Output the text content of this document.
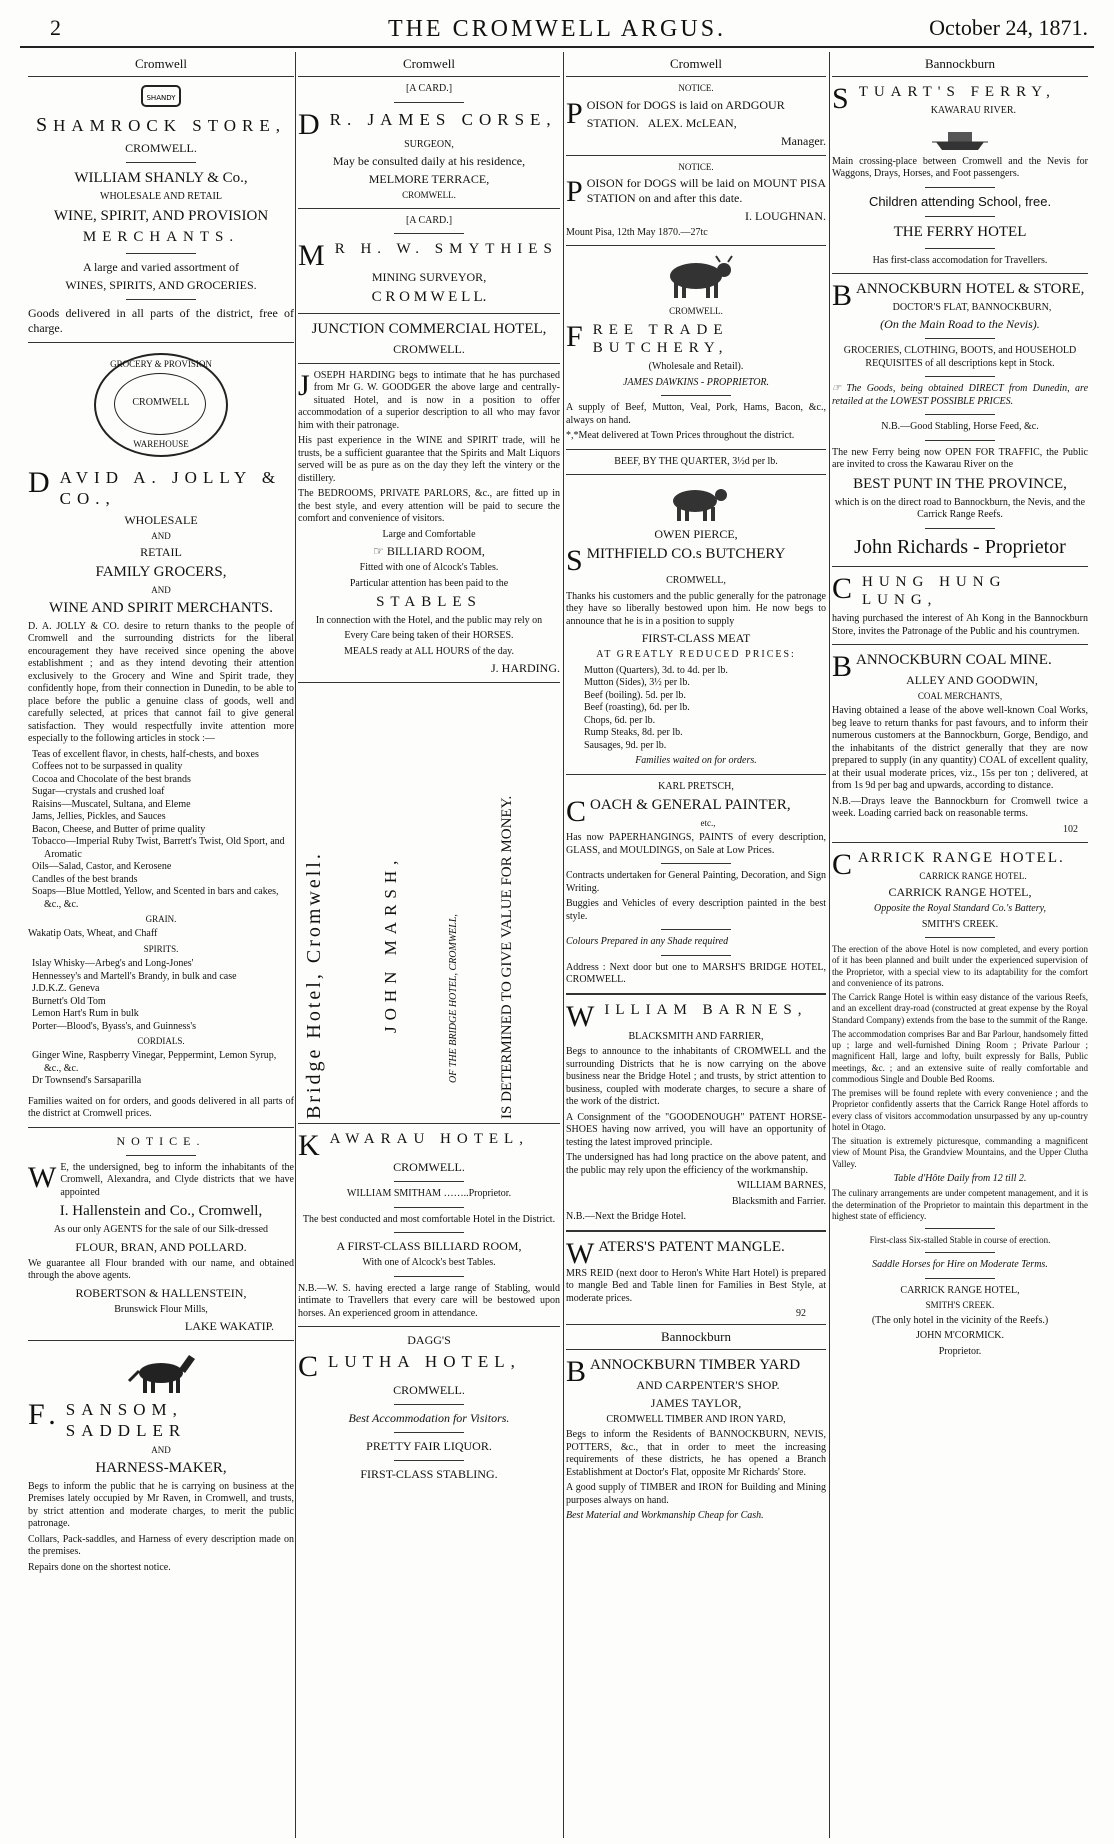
2	THE CROMWELL ARGUS.	October 24, 1871.
Cromwell
SHANDY

SHAMROCK STORE,

CROMWELL.

WILLIAM SHANLY & Co.,

WHOLESALE AND RETAIL

WINE, SPIRIT, AND PROVISION

MERCHANTS.

A large and varied assortment of

WINES, SPIRITS, AND GROCERIES.

Goods delivered in all parts of the district, free of charge.

GROCERY & PROVISION
CROMWELL
WAREHOUSE

DAVID A. JOLLY & CO.,

WHOLESALE

AND

RETAIL

FAMILY GROCERS,

AND

WINE AND SPIRIT MERCHANTS.

D. A. JOLLY & CO. desire to return thanks to the people of Cromwell and the surrounding districts for the liberal encouragement they have received since opening the above establishment ; and as they intend devoting their attention exclusively to the Grocery and Wine and Spirit trade, they confidently hope, from their connection in Dunedin, to be able to place before the public a genuine class of goods, well and carefully selected, at prices that cannot fail to give general satisfaction. They would respectfully invite attention more especially to the following articles in stock :—

Teas of excellent flavor, in chests, half-chests, and boxes

Coffees not to be surpassed in quality

Cocoa and Chocolate of the best brands

Sugar—crystals and crushed loaf

Raisins—Muscatel, Sultana, and Eleme

Jams, Jellies, Pickles, and Sauces

Bacon, Cheese, and Butter of prime quality

Tobacco—Imperial Ruby Twist, Barrett's Twist, Old Sport, and Aromatic

Oils—Salad, Castor, and Kerosene

Candles of the best brands

Soaps—Blue Mottled, Yellow, and Scented in bars and cakes, &c., &c.

GRAIN.

Wakatip Oats, Wheat, and Chaff

SPIRITS.

Islay Whisky—Arbeg's and Long-Jones'

Hennessey's and Martell's Brandy, in bulk and case

J.D.K.Z. Geneva

Burnett's Old Tom

Lemon Hart's Rum in bulk

Porter—Blood's, Byass's, and Guinness's

CORDIALS.

Ginger Wine, Raspberry Vinegar, Peppermint, Lemon Syrup, &c., &c.

Dr Townsend's Sarsaparilla

Families waited on for orders, and goods delivered in all parts of the district at Cromwell prices.

NOTICE.

W E, the undersigned, beg to inform the inhabitants of the Cromwell, Alexandra, and Clyde districts that we have appointed

I. Hallenstein and Co., Cromwell,

As our only AGENTS for the sale of our Silk-dressed

FLOUR, BRAN, AND POLLARD.

We guarantee all Flour branded with our name, and obtained through the above agents.

ROBERTSON & HALLENSTEIN,

Brunswick Flour Mills,

LAKE WAKATIP.

F. SANSOM, SADDLER

AND

HARNESS-MAKER,

Begs to inform the public that he is carrying on business at the Premises lately occupied by Mr Raven, in Cromwell, and trusts, by strict attention and moderate charges, to merit the public patronage.

Collars, Pack-saddles, and Harness of every description made on the premises.

Repairs done on the shortest notice.

Cromwell

[A CARD.]

D R. JAMES CORSE,

SURGEON,

May be consulted daily at his residence,

MELMORE TERRACE,

CROMWELL.

[A CARD.]

M R H. W. SMYTHIES

MINING SURVEYOR,

C R O M W E L L.

JUNCTION COMMERCIAL HOTEL,

CROMWELL.

JOSEPH HARDING begs to intimate that he has purchased from Mr G. W. GOODGER the above large and centrally-situated Hotel, and is now in a position to offer accommodation of a superior description to all who may favor him with their patronage.

His past experience in the WINE and SPIRIT trade, will he trusts, be a sufficient guarantee that the Spirits and Malt Liquors served will be as pure as on the day they left the vintery or the distillery.

The BEDROOMS, PRIVATE PARLORS, &c., are fitted up in the best style, and every attention will be paid to secure the comfort and convenience of visitors.

Large and Comfortable

☞ BILLIARD ROOM,

Fitted with one of Alcock's Tables.

Particular attention has been paid to the

STABLES

In connection with the Hotel, and the public may rely on

Every Care being taken of their HORSES.

MEALS ready at ALL HOURS of the day.

J. HARDING.

Bridge Hotel, Cromwell.	JOHN MARSH,	OF THE BRIDGE HOTEL, CROMWELL,	IS DETERMINED TO GIVE VALUE FOR MONEY.

KAWARAU HOTEL,

CROMWELL.

WILLIAM SMITHAM ……..Proprietor.

The best conducted and most comfortable Hotel in the District.

A FIRST-CLASS BILLIARD ROOM,

With one of Alcock's best Tables.

N.B.—W. S. having erected a large range of Stabling, would intimate to Travellers that every care will be bestowed upon horses. An experienced groom in attendance.

DAGG'S

CLUTHA HOTEL,

CROMWELL.

Best Accommodation for Visitors.

PRETTY FAIR LIQUOR.

FIRST-CLASS STABLING.

Cromwell

NOTICE.

POISON for DOGS is laid on ARDGOUR

STATION. ALEX. McLEAN,

Manager.

NOTICE.

POISON for DOGS will be laid on MOUNT PISA STATION on and after this date.

I. LOUGHNAN.

Mount Pisa, 12th May 1870.—27tc

CROMWELL.

FREE TRADE BUTCHERY,

(Wholesale and Retail).

JAMES DAWKINS - PROPRIETOR.

A supply of Beef, Mutton, Veal, Pork, Hams, Bacon, &c., always on hand.

*,*Meat delivered at Town Prices throughout the district.

BEEF, BY THE QUARTER, 3½d per lb.

OWEN PIERCE,

SMITHFIELD CO.s BUTCHERY

CROMWELL,

Thanks his customers and the public generally for the patronage they have so liberally bestowed upon him. He now begs to announce that he is in a position to supply

FIRST-CLASS MEAT

AT GREATLY REDUCED PRICES:

Mutton (Quarters), 3d. to 4d. per lb.

Mutton (Sides), 3½ per lb.

Beef (boiling). 5d. per lb.

Beef (roasting), 6d. per lb.

Chops, 6d. per lb.

Rump Steaks, 8d. per lb.

Sausages, 9d. per lb.

Families waited on for orders.

KARL PRETSCH,

COACH & GENERAL PAINTER,

etc.,

Has now PAPERHANGINGS, PAINTS of every description, GLASS, and MOULDINGS, on Sale at Low Prices.

Contracts undertaken for General Painting, Decoration, and Sign Writing.

Buggies and Vehicles of every description painted in the best style.

Colours Prepared in any Shade required

Address : Next door but one to MARSH'S BRIDGE HOTEL, CROMWELL.

WILLIAM BARNES,

BLACKSMITH AND FARRIER,

Begs to announce to the inhabitants of CROMWELL and the surrounding Districts that he is now carrying on the above business near the Bridge Hotel ; and trusts, by strict attention to business, coupled with moderate charges, to secure a share of the work of the district.

A Consignment of the "GOODENOUGH" PATENT HORSE-SHOES having now arrived, you will have an opportunity of testing the latest improved principle.

The undersigned has had long practice on the above patent, and the public may rely upon the efficiency of the workmanship.

WILLIAM BARNES,

Blacksmith and Farrier.

N.B.—Next the Bridge Hotel.

WATERS'S PATENT MANGLE.

MRS REID (next door to Heron's White Hart Hotel) is prepared to mangle Bed and Table linen for Families in Best Style, at moderate prices.

92

Bannockburn

BANNOCKBURN TIMBER YARD

AND CARPENTER'S SHOP.

JAMES TAYLOR,

CROMWELL TIMBER AND IRON YARD,

Begs to inform the Residents of BANNOCKBURN, NEVIS, POTTERS, &c., that in order to meet the increasing requirements of these districts, he has opened a Branch Establishment at Doctor's Flat, opposite Mr Richards' Store.

A good supply of TIMBER and IRON for Building and Mining purposes always on hand.

Best Material and Workmanship Cheap for Cash.

Bannockburn

STUART'S FERRY,

KAWARAU RIVER.

Main crossing-place between Cromwell and the Nevis for Waggons, Drays, Horses, and Foot passengers.

Children attending School, free.

THE FERRY HOTEL

Has first-class accomodation for Travellers.

BANNOCKBURN HOTEL & STORE,

DOCTOR'S FLAT, BANNOCKBURN,

(On the Main Road to the Nevis).

GROCERIES, CLOTHING, BOOTS, and HOUSEHOLD REQUISITES of all descriptions kept in Stock.

☞ The Goods, being obtained DIRECT from Dunedin, are retailed at the LOWEST POSSIBLE PRICES.

N.B.—Good Stabling, Horse Feed, &c.

The new Ferry being now OPEN FOR TRAFFIC, the Public are invited to cross the Kawarau River on the

BEST PUNT IN THE PROVINCE,

which is on the direct road to Bannockburn, the Nevis, and the Carrick Range Reefs.

John Richards - Proprietor

CHUNG HUNG LUNG,

having purchased the interest of Ah Kong in the Bannockburn Store, invites the Patronage of the Public and his countrymen.

BANNOCKBURN COAL MINE.

ALLEY AND GOODWIN,

COAL MERCHANTS,

Having obtained a lease of the above well-known Coal Works, beg leave to return thanks for past favours, and to inform their numerous customers at the Bannockburn, Gorge, Bendigo, and the inhabitants of the district generally that they are now prepared to supply (in any quantity) COAL of excellent quality, at their usual moderate prices, viz., 15s per ton ; delivered, at from 1s 9d per bag and upwards, according to distance.

N.B.—Drays leave the Bannockburn for Cromwell twice a week. Loading carried back on reasonable terms.

102

CARRICK RANGE HOTEL.

CARRICK RANGE HOTEL.

CARRICK RANGE HOTEL,

Opposite the Royal Standard Co.'s Battery,

SMITH'S CREEK.

The erection of the above Hotel is now completed, and every portion of it has been planned and built under the experienced supervision of the Proprietor, with a special view to its adaptability for the comfort and convenience of its patrons.

The Carrick Range Hotel is within easy distance of the various Reefs, and an excellent dray-road (constructed at great expense by the Royal Standard Company) extends from the base to the summit of the Range.

The accommodation comprises Bar and Bar Parlour, handsomely fitted up ; large and well-furnished Dining Room ; Private Parlour ; magnificent Hall, large and lofty, built expressly for Balls, Public meetings, &c. ; and an extensive suite of really comfortable and commodious Single and Double Bed Rooms.

The premises will be found replete with every convenience ; and the Proprietor confidently asserts that the Carrick Range Hotel affords to every class of visitors accommodation unsurpassed by any up-country hotel in Otago.

The situation is extremely picturesque, commanding a magnificent view of Mount Pisa, the Grandview Mountains, and the Upper Clutha Valley.

Table d'Hôte Daily from 12 till 2.

The culinary arrangements are under competent management, and it is the determination of the Proprietor to maintain this department in the highest state of efficiency.

First-class Six-stalled Stable in course of erection.

Saddle Horses for Hire on Moderate Terms.

CARRICK RANGE HOTEL,

SMITH'S CREEK.

(The only hotel in the vicinity of the Reefs.)

JOHN M'CORMICK.

Proprietor.
